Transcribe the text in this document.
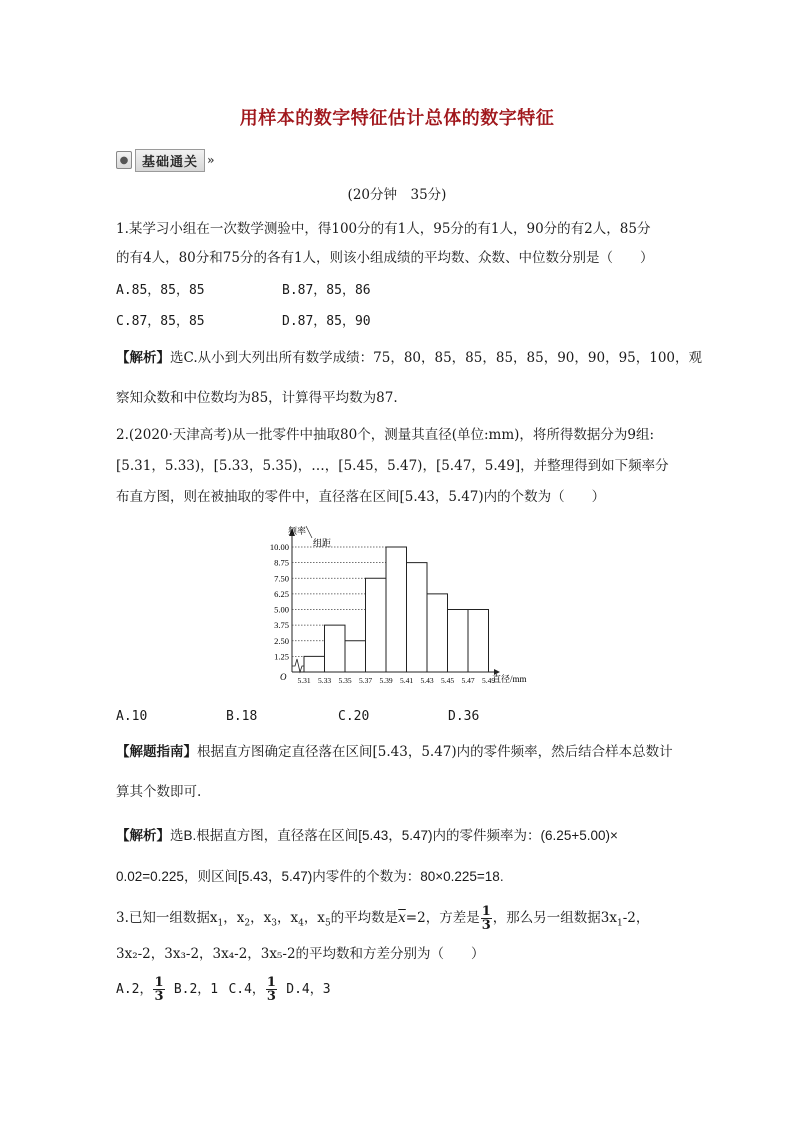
用样本的数字特征估计总体的数字特征
●	基础通关 »
(20分钟　35分)
1.某学习小组在一次数学测验中，得100分的有1人，95分的有1人，90分的有2人，85分
的有4人，80分和75分的各有1人，则该小组成绩的平均数、众数、中位数分别是（　　）
A.85，85，85	B.87，85，86
C.87，85，85	D.87，85，90
【解析】选C.从小到大列出所有数学成绩：75，80，85，85，85，85，90，90，95，100，观
察知众数和中位数均为85，计算得平均数为87.
2.(2020·天津高考)从一批零件中抽取80个，测量其直径(单位:mm)，将所得数据分为9组:
[5.31，5.33)，[5.33，5.35)，…，[5.45，5.47)，[5.47，5.49]，并整理得到如下频率分
布直方图，则在被抽取的零件中，直径落在区间[5.43，5.47)内的个数为（　　）
频率
组距
O	直径/mm
1.25
2.50
3.75
5.00
6.25
7.50
8.75
10.00
5.31 5.33 5.35 5.37 5.39 5.41 5.43 5.45 5.47 5.49
A.10	B.18	C.20	D.36
【解题指南】根据直方图确定直径落在区间[5.43，5.47)内的零件频率，然后结合样本总数计
算其个数即可.
【解析】选B.根据直方图，直径落在区间[5.43，5.47)内的零件频率为：(6.25+5.00)×
0.02=0.225，则区间[5.43，5.47)内零件的个数为：80×0.225=18.
3.已知一组数据$x_1$，$x_2$，$x_3$，$x_4$，$x_5$的平均数是$\overline{x}=2$，方差是 $\frac{1}{3}$ ，那么另一组数据$3x_1-2$，
3x₂-2，3x₃-2，3x₄-2，3x₅-2的平均数和方差分别为（　　）
A.2， $\frac{1}{3} B.2$，1 C.4， $\frac{1}{3} D.4$，3
